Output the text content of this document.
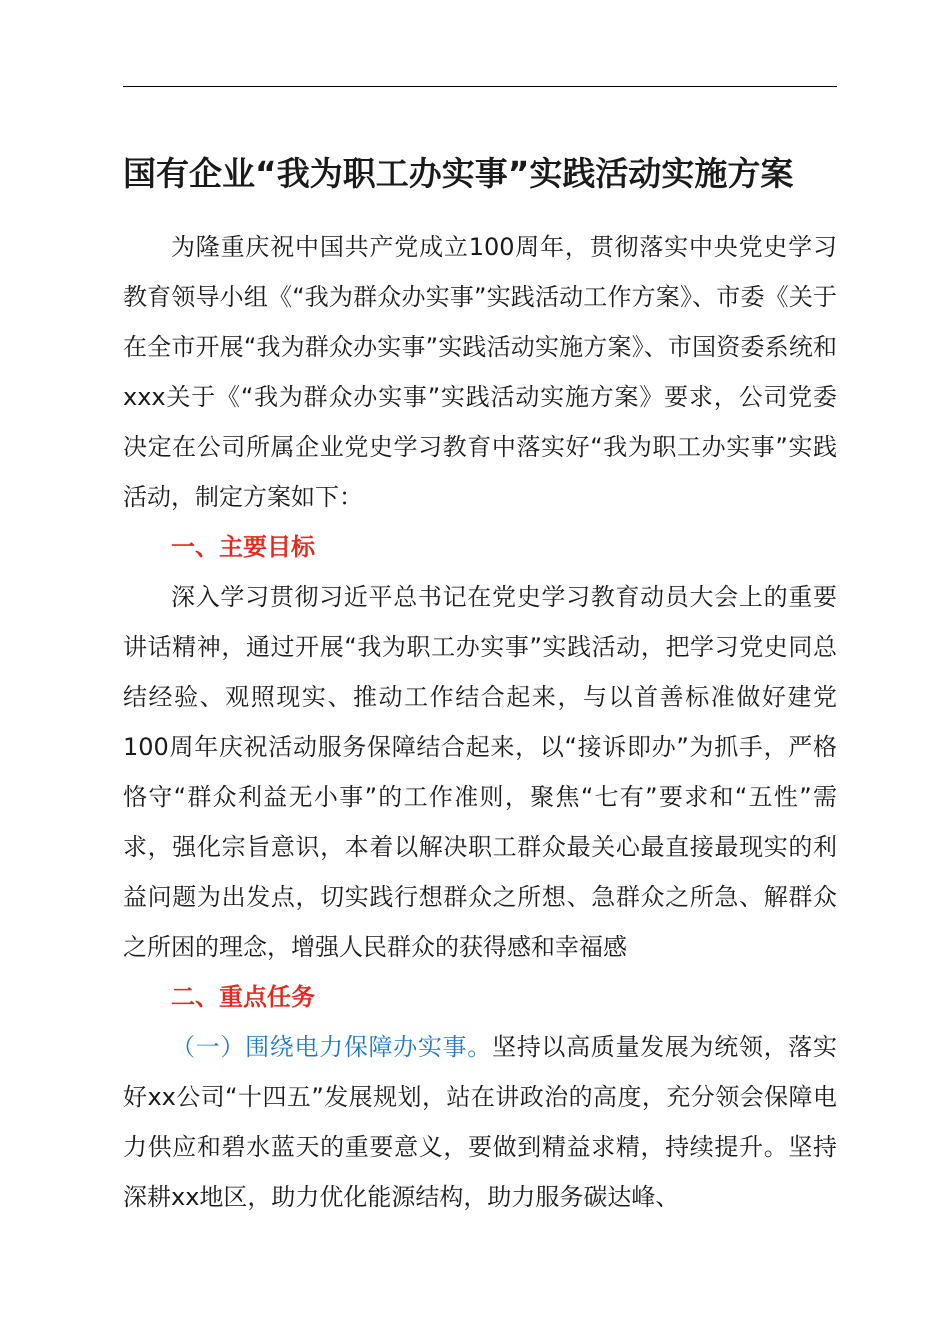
国有企业“我为职工办实事”实践活动实施方案

为隆重庆祝中国共产党成立100周年，贯彻落实中央党史学习教育领导小组《“我为群众办实事”实践活动工作方案》、市委《关于在全市开展“我为群众办实事”实践活动实施方案》、市国资委系统和xxx关于《“我为群众办实事”实践活动实施方案》要求，公司党委决定在公司所属企业党史学习教育中落实好“我为职工办实事”实践活动，制定方案如下：

一、主要目标

深入学习贯彻习近平总书记在党史学习教育动员大会上的重要讲话精神，通过开展“我为职工办实事”实践活动，把学习党史同总结经验、观照现实、推动工作结合起来，与以首善标准做好建党100周年庆祝活动服务保障结合起来，以“接诉即办”为抓手，严格恪守“群众利益无小事”的工作准则，聚焦“七有”要求和“五性”需求，强化宗旨意识，本着以解决职工群众最关心最直接最现实的利益问题为出发点，切实践行想群众之所想、急群众之所急、解群众之所困的理念，增强人民群众的获得感和幸福感

二、重点任务

（一）围绕电力保障办实事。坚持以高质量发展为统领，落实好xx公司“十四五”发展规划，站在讲政治的高度，充分领会保障电力供应和碧水蓝天的重要意义，要做到精益求精，持续提升。坚持深耕xx地区，助力优化能源结构，助力服务碳达峰、
